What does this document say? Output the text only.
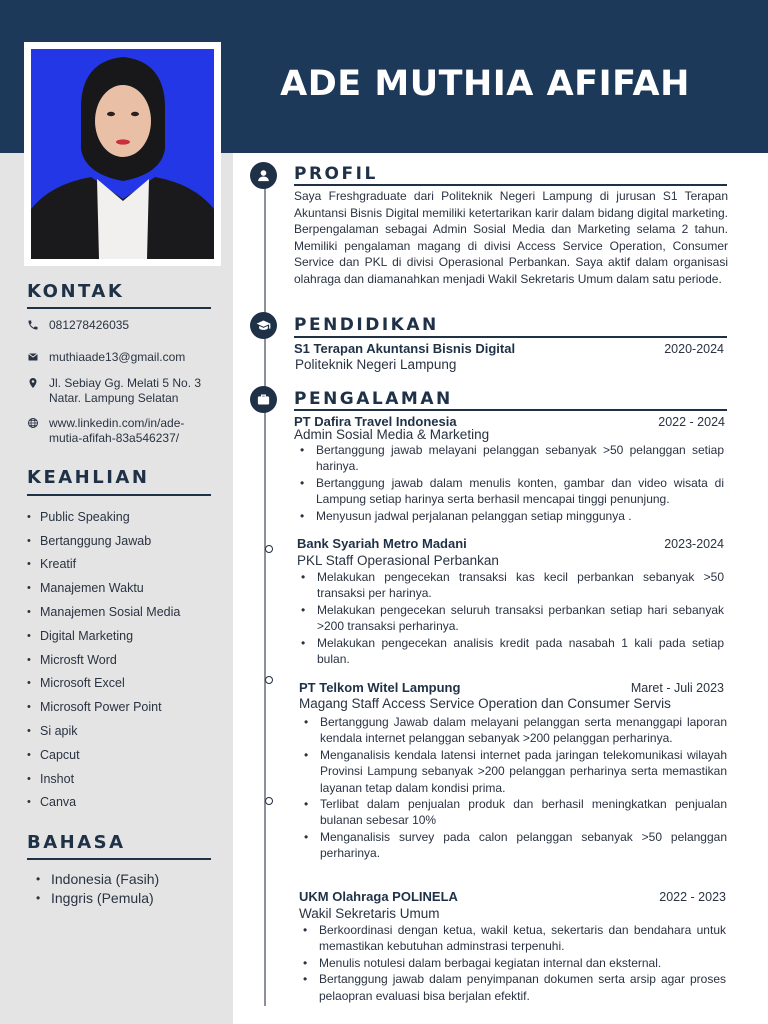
ADE MUTHIA AFIFAH
KONTAK
081278426035
muthiaade13@gmail.com
Jl. Sebiay Gg. Melati 5 No. 3 Natar. Lampung Selatan
www.linkedin.com/in/ade-mutia-afifah-83a546237/
KEAHLIAN
• Public Speaking
• Bertanggung Jawab
• Kreatif
• Manajemen Waktu
• Manajemen Sosial Media
• Digital Marketing
• Microsft Word
• Microsoft Excel
• Microsoft Power Point
• Si apik
• Capcut
• Inshot
• Canva
BAHASA
• Indonesia (Fasih)
• Inggris (Pemula)
PROFIL
Saya Freshgraduate dari Politeknik Negeri Lampung di jurusan S1 Terapan Akuntansi Bisnis Digital memiliki ketertarikan karir dalam bidang digital marketing. Berpengalaman sebagai Admin Sosial Media dan Marketing selama 2 tahun. Memiliki pengalaman magang di divisi Access Service Operation, Consumer Service dan PKL di divisi Operasional Perbankan. Saya aktif dalam organisasi olahraga dan diamanahkan menjadi Wakil Sekretaris Umum dalam satu periode.
PENDIDIKAN
S1 Terapan Akuntansi Bisnis Digital	2020-2024
Politeknik Negeri Lampung
PENGALAMAN
PT Dafira Travel Indonesia	2022 - 2024
Admin Sosial Media & Marketing
• Bertanggung jawab melayani pelanggan sebanyak >50 pelanggan setiap harinya.
• Bertanggung jawab dalam menulis konten, gambar dan video wisata di Lampung setiap harinya serta berhasil mencapai tinggi penunjung.
• Menyusun jadwal perjalanan pelanggan setiap minggunya .
Bank Syariah Metro Madani	2023-2024
PKL Staff Operasional Perbankan
• Melakukan pengecekan transaksi kas kecil perbankan sebanyak >50 transaksi per harinya.
• Melakukan pengecekan seluruh transaksi perbankan setiap hari sebanyak >200 transaksi perharinya.
• Melakukan pengecekan analisis kredit pada nasabah 1 kali pada setiap bulan.
PT Telkom Witel Lampung	Maret - Juli 2023
Magang Staff Access Service Operation dan Consumer Servis
• Bertanggung Jawab dalam melayani pelanggan serta menanggapi laporan kendala internet pelanggan sebanyak >200 pelanggan perharinya.
• Menganalisis kendala latensi internet pada jaringan telekomunikasi wilayah Provinsi Lampung sebanyak >200 pelanggan perharinya serta memastikan layanan tetap dalam kondisi prima.
• Terlibat dalam penjualan produk dan berhasil meningkatkan penjualan bulanan sebesar 10%
• Menganalisis survey pada calon pelanggan sebanyak >50 pelanggan perharinya.
UKM Olahraga POLINELA	2022 - 2023
Wakil Sekretaris Umum
• Berkoordinasi dengan ketua, wakil ketua, sekertaris dan bendahara untuk memastikan kebutuhan adminstrasi terpenuhi.
• Menulis notulesi dalam berbagai kegiatan internal dan eksternal.
• Bertanggung jawab dalam penyimpanan dokumen serta arsip agar proses pelaopran evaluasi bisa berjalan efektif.
